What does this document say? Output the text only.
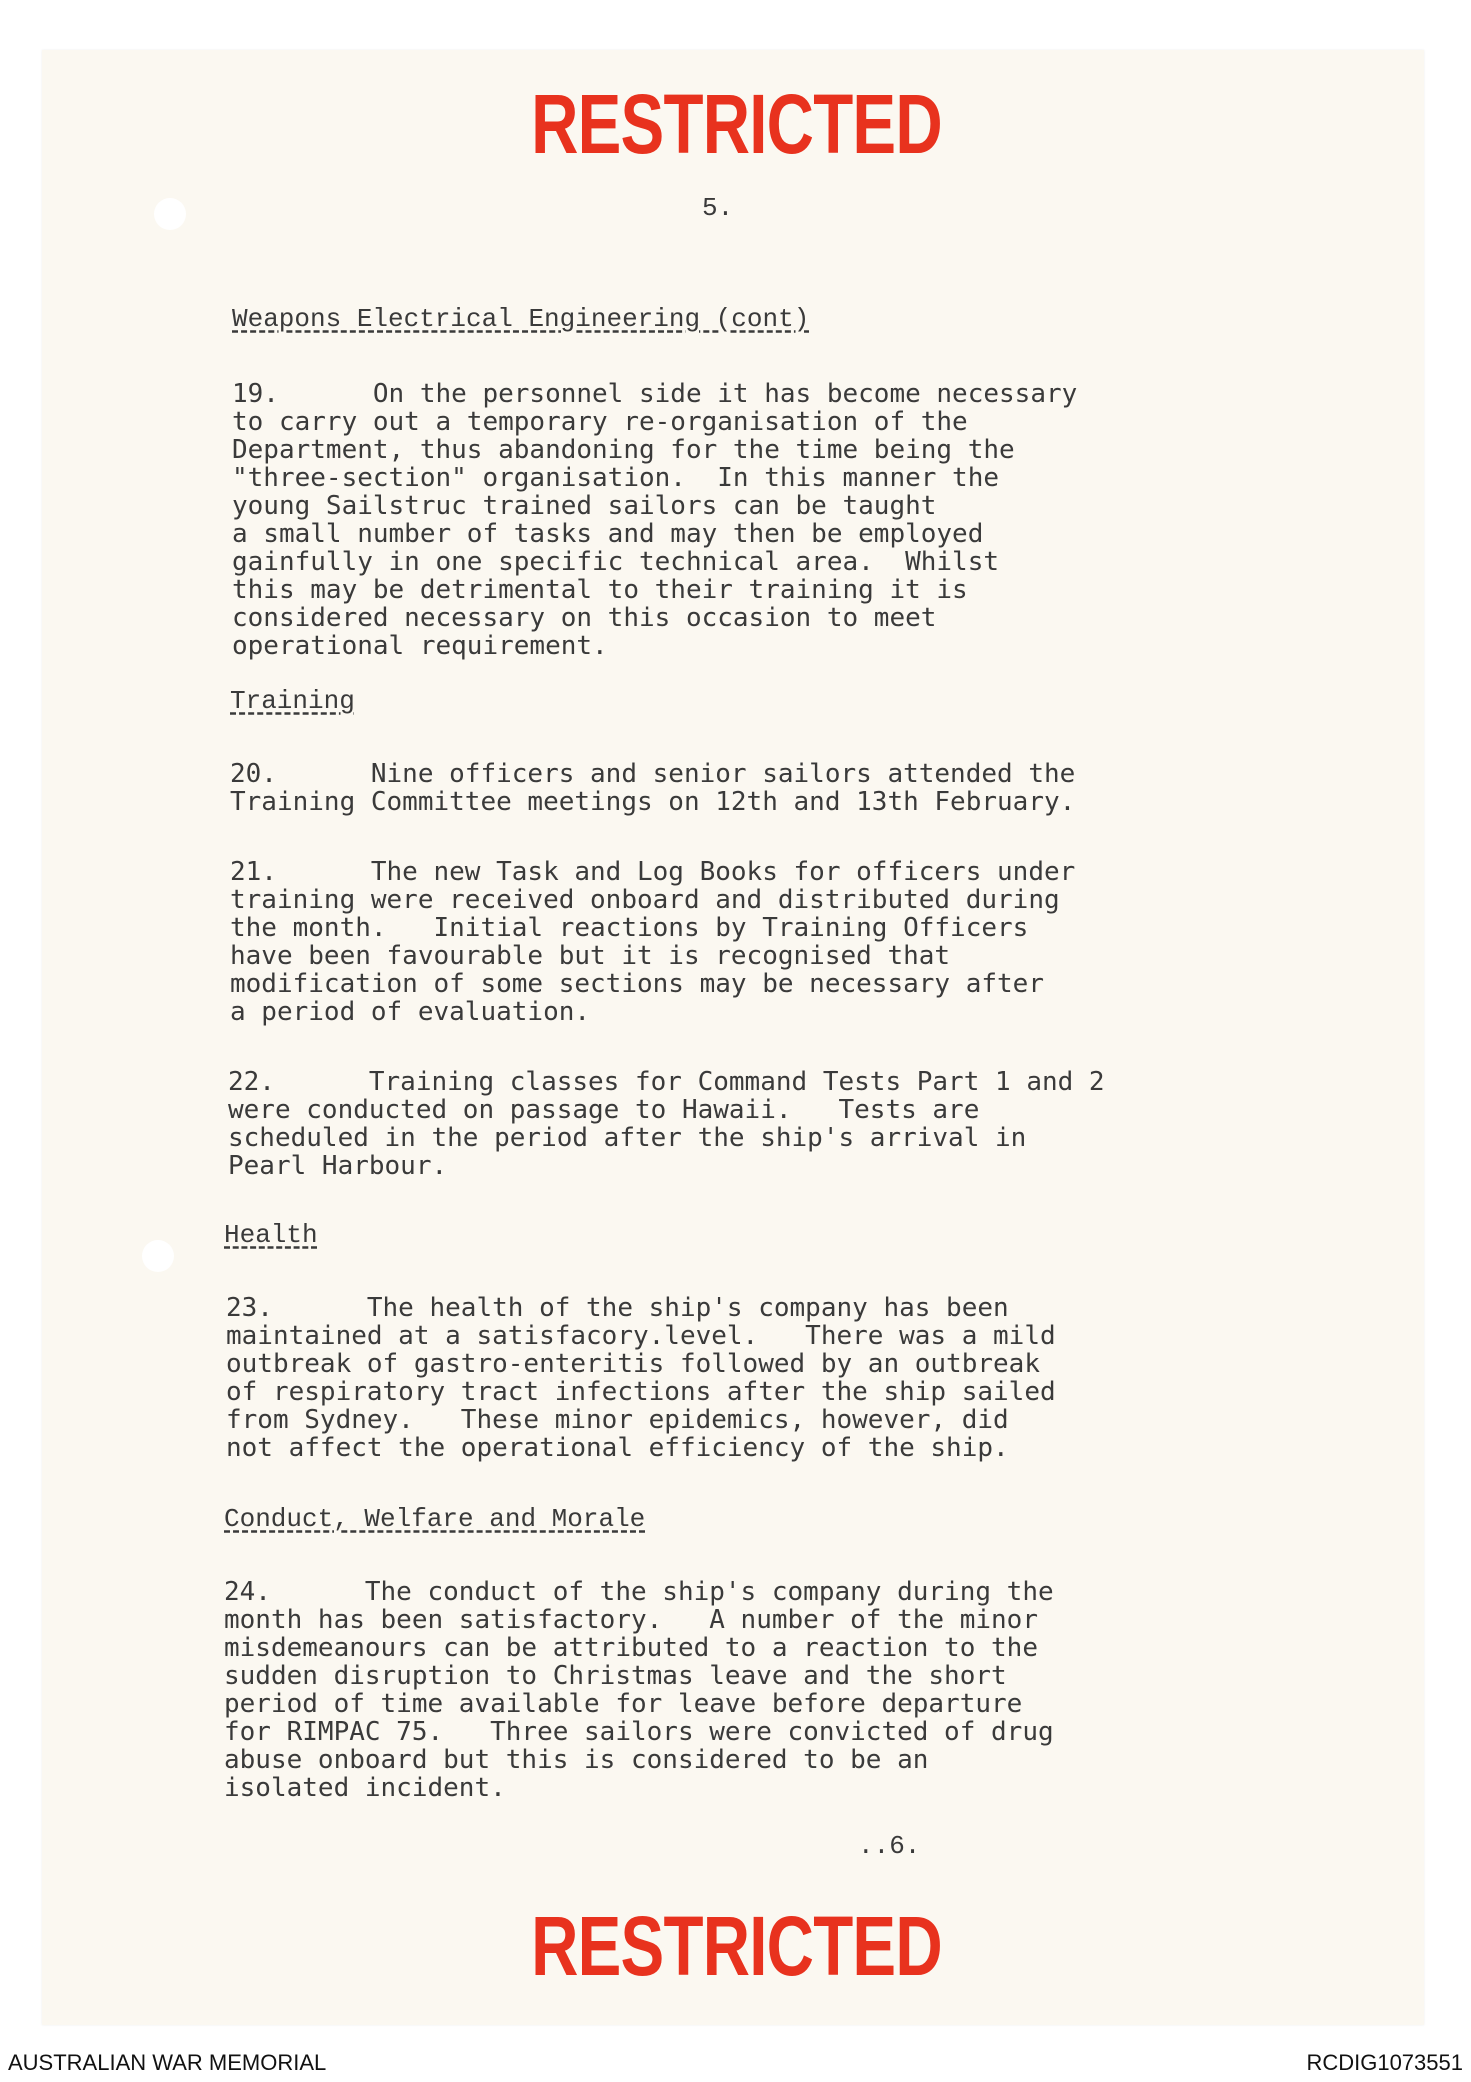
RESTRICTED
5.
Weapons Electrical Engineering (cont)
19.      On the personnel side it has become necessary
to carry out a temporary re-organisation of the
Department, thus abandoning for the time being the
"three-section" organisation.  In this manner the
young Sailstruc trained sailors can be taught
a small number of tasks and may then be employed
gainfully in one specific technical area.  Whilst
this may be detrimental to their training it is
considered necessary on this occasion to meet
operational requirement.
Training
20.      Nine officers and senior sailors attended the
Training Committee meetings on 12th and 13th February.
21.      The new Task and Log Books for officers under
training were received onboard and distributed during
the month.   Initial reactions by Training Officers
have been favourable but it is recognised that
modification of some sections may be necessary after
a period of evaluation.
22.      Training classes for Command Tests Part 1 and 2
were conducted on passage to Hawaii.   Tests are
scheduled in the period after the ship's arrival in
Pearl Harbour.
Health
23.      The health of the ship's company has been
maintained at a satisfacory.level.   There was a mild
outbreak of gastro-enteritis followed by an outbreak
of respiratory tract infections after the ship sailed
from Sydney.   These minor epidemics, however, did
not affect the operational efficiency of the ship.
Conduct, Welfare and Morale
24.      The conduct of the ship's company during the
month has been satisfactory.   A number of the minor
misdemeanours can be attributed to a reaction to the
sudden disruption to Christmas leave and the short
period of time available for leave before departure
for RIMPAC 75.   Three sailors were convicted of drug
abuse onboard but this is considered to be an
isolated incident.
..6.
RESTRICTED
AUSTRALIAN WAR MEMORIAL	RCDIG1073551
